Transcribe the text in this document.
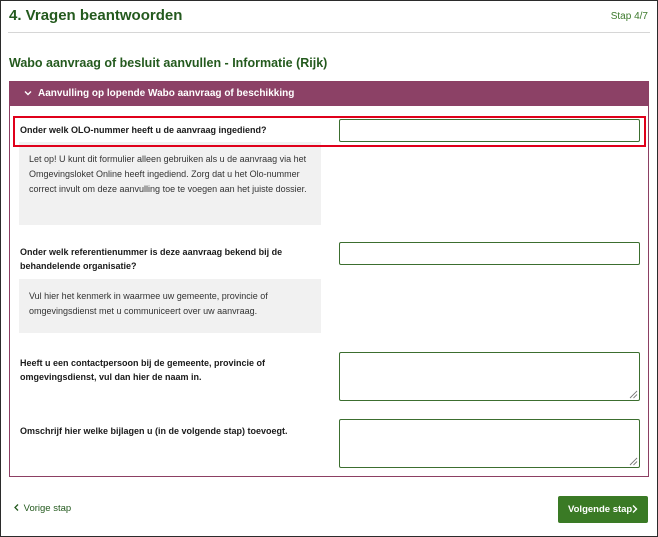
4. Vragen beantwoorden	Stap 4/7
Wabo aanvraag of besluit aanvullen - Informatie (Rijk)
Aanvulling op lopende Wabo aanvraag of beschikking
Onder welk OLO-nummer heeft u de aanvraag ingediend?
Let op! U kunt dit formulier alleen gebruiken als u de aanvraag via het Omgevingsloket Online heeft ingediend. Zorg dat u het Olo-nummer correct invult om deze aanvulling toe te voegen aan het juiste dossier.
Onder welk referentienummer is deze aanvraag bekend bij de behandelende organisatie?
Vul hier het kenmerk in waarmee uw gemeente, provincie of omgevingsdienst met u communiceert over uw aanvraag.
Heeft u een contactpersoon bij de gemeente, provincie of omgevingsdienst, vul dan hier de naam in.
Omschrijf hier welke bijlagen u (in de volgende stap) toevoegt.
Vorige stap	Volgende stap
